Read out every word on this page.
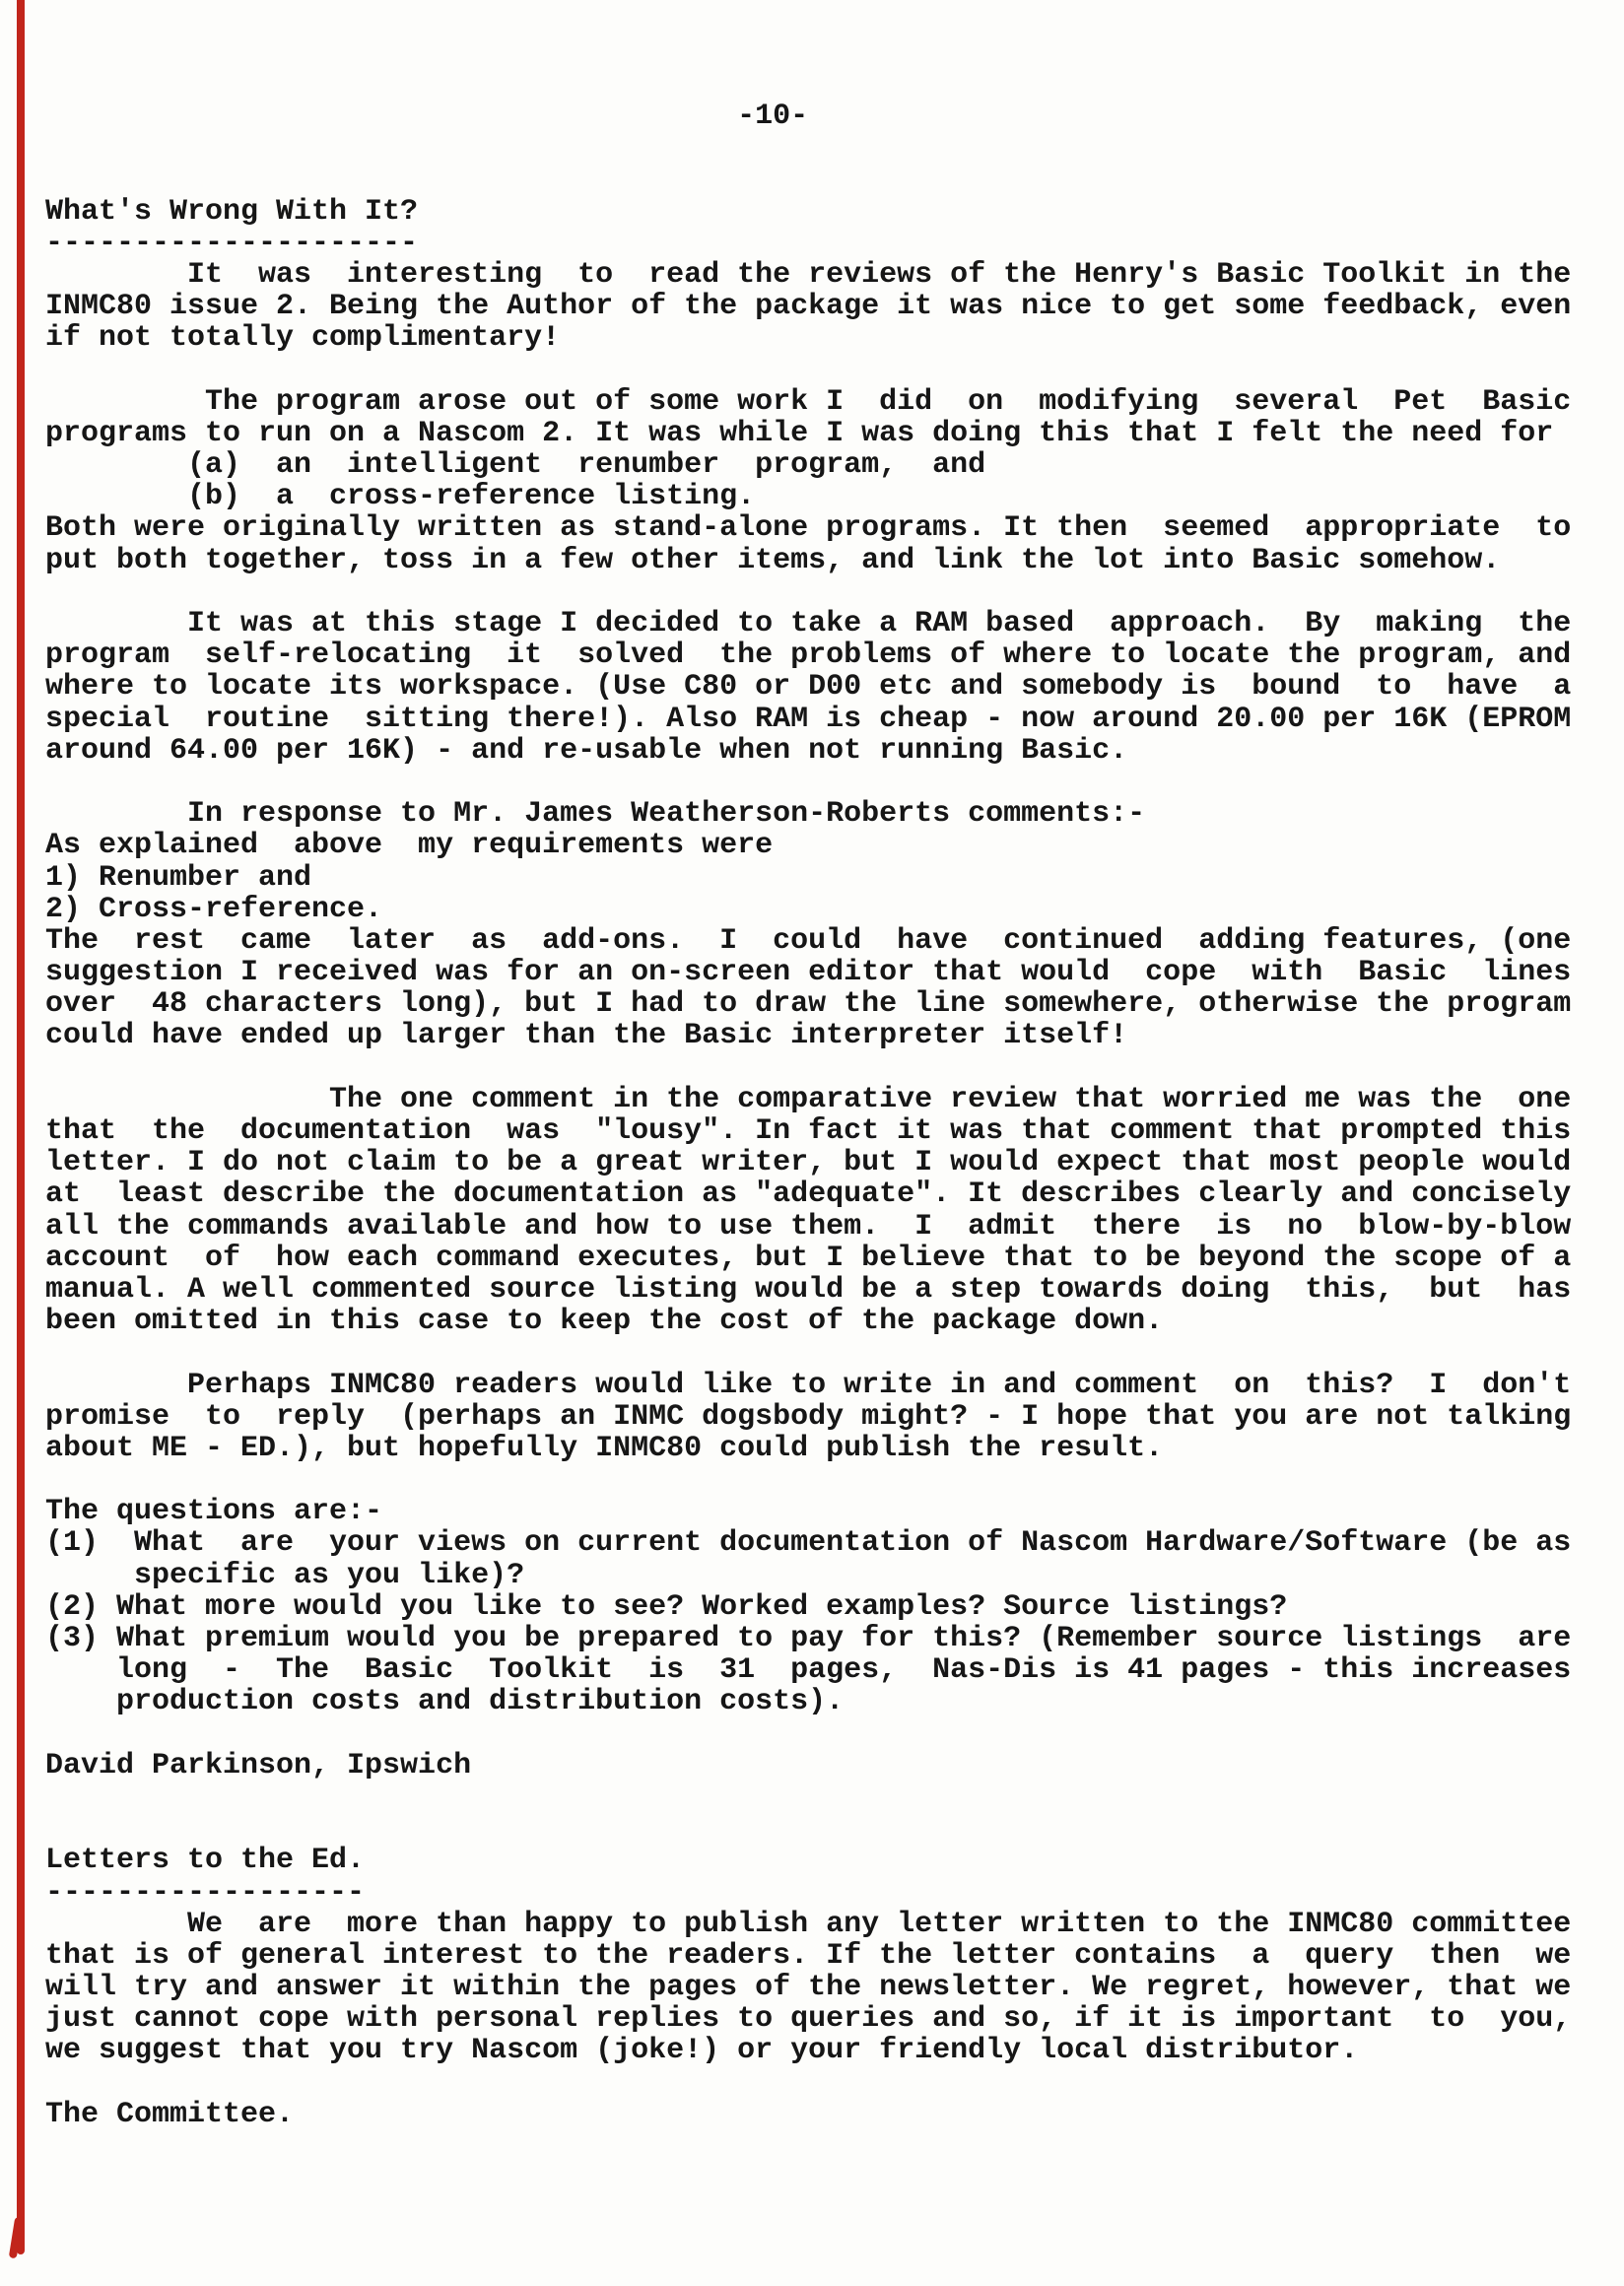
-10-
What's Wrong With It?
---------------------
It  was  interesting  to  read the reviews of the Henry's Basic Toolkit in the
INMC80 issue 2. Being the Author of the package it was nice to get some feedback, even
if not totally complimentary!
The program arose out of some work I  did  on  modifying  several  Pet  Basic
programs to run on a Nascom 2. It was while I was doing this that I felt the need for
(a)  an  intelligent  renumber  program,  and
(b)  a  cross-reference listing.
Both were originally written as stand-alone programs. It then  seemed  appropriate  to
put both together, toss in a few other items, and link the lot into Basic somehow.
It was at this stage I decided to take a RAM based  approach.  By  making  the
program  self-relocating  it  solved  the problems of where to locate the program, and
where to locate its workspace. (Use C80 or D00 etc and somebody is  bound  to  have  a
special  routine  sitting there!). Also RAM is cheap - now around 20.00 per 16K (EPROM
around 64.00 per 16K) - and re-usable when not running Basic.
In response to Mr. James Weatherson-Roberts comments:-
As explained  above  my requirements were
1) Renumber and
2) Cross-reference.
The  rest  came  later  as  add-ons.  I  could  have  continued  adding features, (one
suggestion I received was for an on-screen editor that would  cope  with  Basic  lines
over  48 characters long), but I had to draw the line somewhere, otherwise the program
could have ended up larger than the Basic interpreter itself!
The one comment in the comparative review that worried me was the  one
that  the  documentation  was  "lousy". In fact it was that comment that prompted this
letter. I do not claim to be a great writer, but I would expect that most people would
at  least describe the documentation as "adequate". It describes clearly and concisely
all the commands available and how to use them.  I  admit  there  is  no  blow-by-blow
account  of  how each command executes, but I believe that to be beyond the scope of a
manual. A well commented source listing would be a step towards doing  this,  but  has
been omitted in this case to keep the cost of the package down.
Perhaps INMC80 readers would like to write in and comment  on  this?  I  don't
promise  to  reply  (perhaps an INMC dogsbody might? - I hope that you are not talking
about ME - ED.), but hopefully INMC80 could publish the result.
The questions are:-
(1)  What  are  your views on current documentation of Nascom Hardware/Software (be as
specific as you like)?
(2) What more would you like to see? Worked examples? Source listings?
(3) What premium would you be prepared to pay for this? (Remember source listings  are
long  -  The  Basic  Toolkit  is  31  pages,  Nas-Dis is 41 pages - this increases
production costs and distribution costs).
David Parkinson, Ipswich
Letters to the Ed.
------------------
We  are  more than happy to publish any letter written to the INMC80 committee
that is of general interest to the readers. If the letter contains  a  query  then  we
will try and answer it within the pages of the newsletter. We regret, however, that we
just cannot cope with personal replies to queries and so, if it is important  to  you,
we suggest that you try Nascom (joke!) or your friendly local distributor.
The Committee.
